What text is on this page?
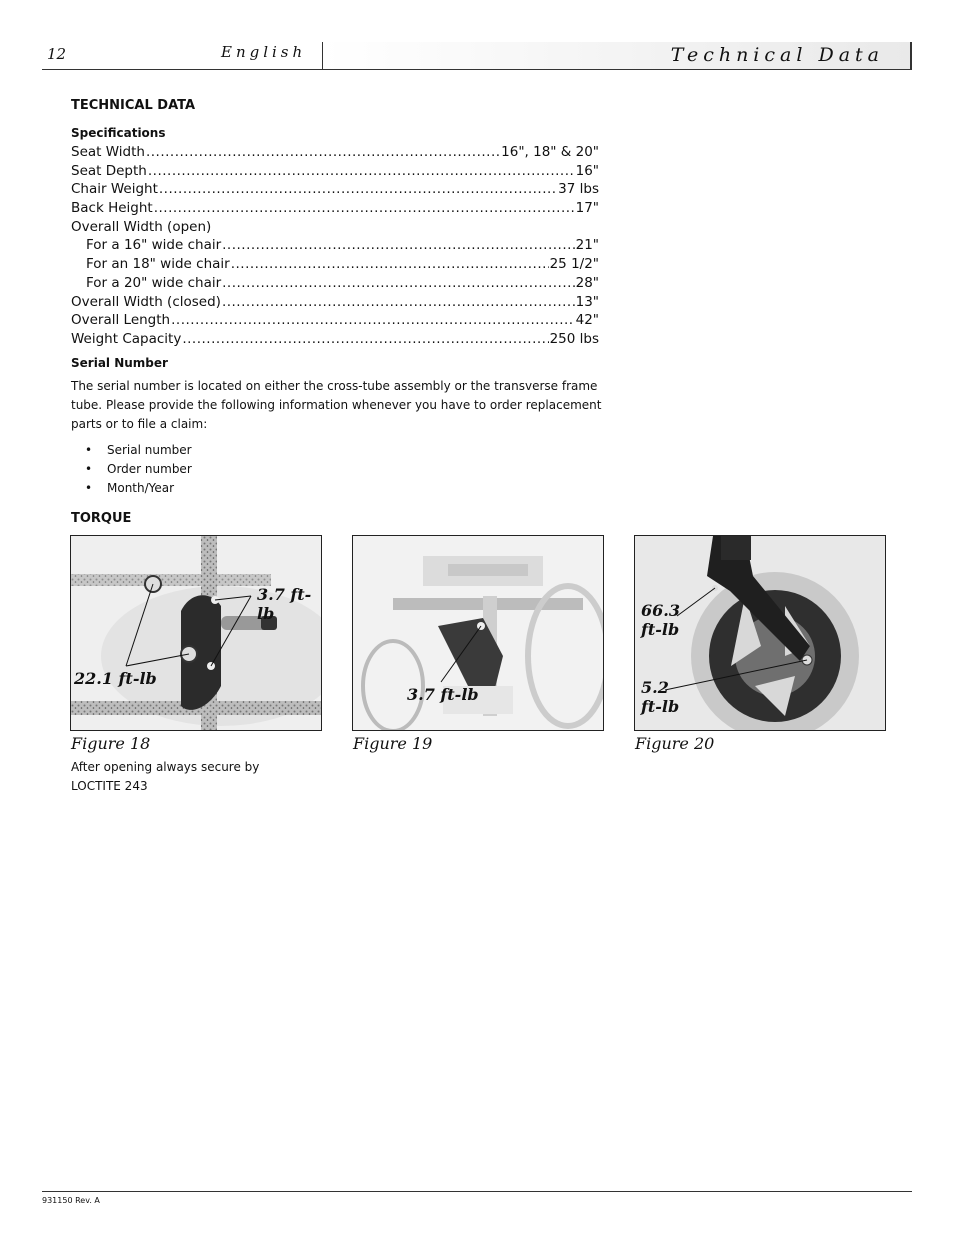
12	English	Technical Data
TECHNICAL DATA
Specifications
Seat Width .....	16", 18" & 20"
Seat Depth .....	16"
Chair Weight .....	37 lbs
Back Height .....	17"
Overall Width (open)
For a 16" wide chair .....	21"
For an 18" wide chair .....	25 1/2"
For a 20" wide chair .....	28"
Overall Width (closed) .....	13"
Overall Length .....	42"
Weight Capacity .....	250 lbs
Serial Number
The serial number is located on either the cross-tube assembly or the transverse frame tube. Please provide the following information whenever you have to order replacement parts or to file a claim:
• Serial number
• Order number
• Month/Year
TORQUE
3.7 ft-lb
22.1 ft-lb
Figure 18
After opening always secure by LOCTITE 243
3.7 ft-lb
Figure 19
66.3
ft-lb
5.2
ft-lb
Figure 20
931150 Rev. A
